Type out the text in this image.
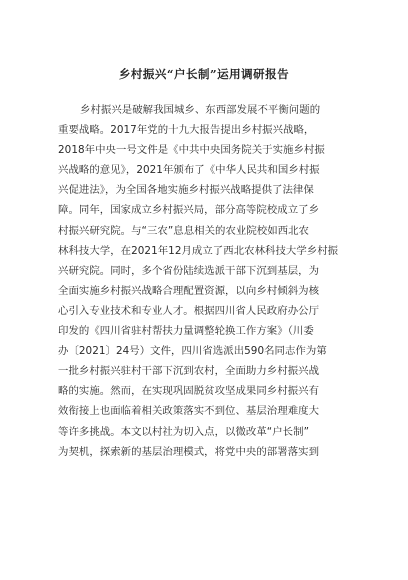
乡村振兴“户长制”运用调研报告
乡村振兴是破解我国城乡、东西部发展不平衡问题的
重要战略。2017年党的十九大报告提出乡村振兴战略，
2018年中央一号文件是《中共中央国务院关于实施乡村振
兴战略的意见》，2021年颁布了《中华人民共和国乡村振
兴促进法》，为全国各地实施乡村振兴战略提供了法律保
障。同年，国家成立乡村振兴局，部分高等院校成立了乡
村振兴研究院。与“三农”息息相关的农业院校如西北农
林科技大学，在2021年12月成立了西北农林科技大学乡村振
兴研究院。同时，多个省份陆续选派干部下沉到基层，为
全面实施乡村振兴战略合理配置资源，以向乡村倾斜为核
心引入专业技术和专业人才。根据四川省人民政府办公厅
印发的《四川省驻村帮扶力量调整轮换工作方案》（川委
办〔2021〕24号）文件，四川省选派出590名同志作为第
一批乡村振兴驻村干部下沉到农村，全面助力乡村振兴战
略的实施。然而，在实现巩固脱贫攻坚成果同乡村振兴有
效衔接上也面临着相关政策落实不到位、基层治理难度大
等许多挑战。本文以村社为切入点，以微改革“户长制”
为契机，探索新的基层治理模式，将党中央的部署落实到
